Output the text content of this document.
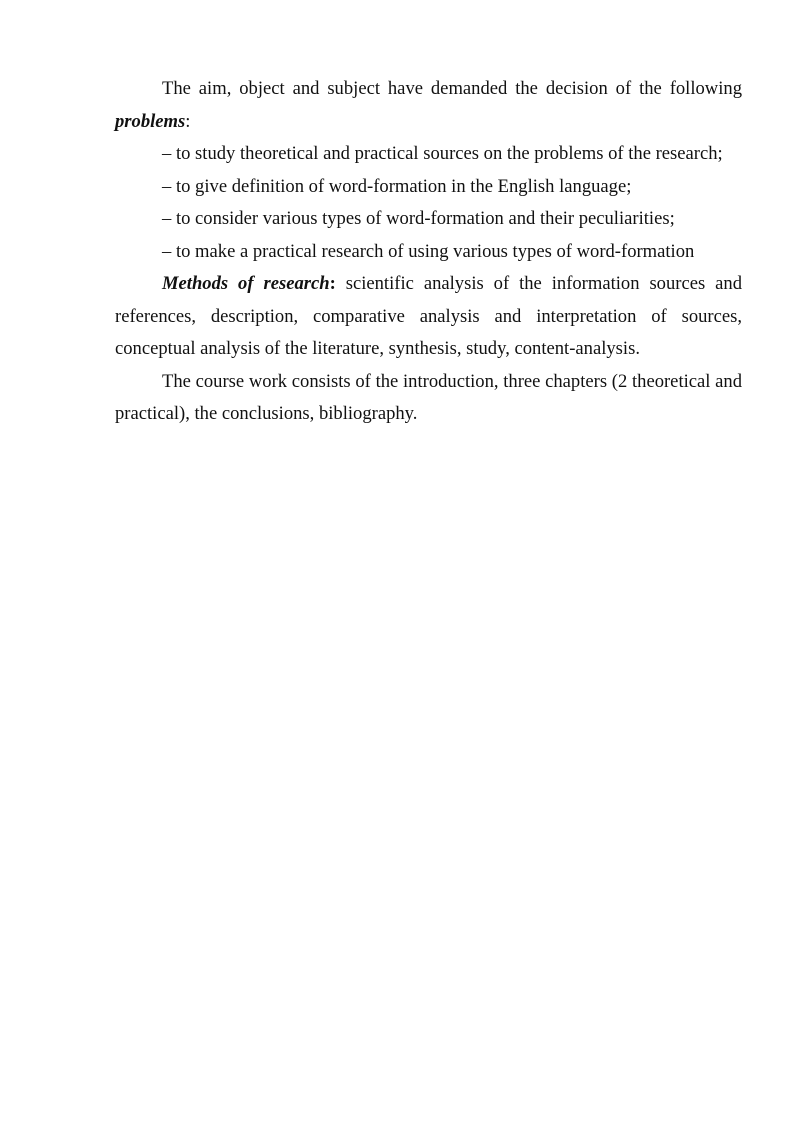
The aim, object and subject have demanded the decision of the following

problems:

– to study theoretical and practical sources on the problems of the research;

– to give definition of word-formation in the English language;

– to consider various types of word-formation and their peculiarities;

– to make a practical research of using various types of word-formation

Methods of research: scientific analysis of the information sources and references, description, comparative analysis and interpretation of sources, conceptual analysis of the literature, synthesis, study, content-analysis.

The course work consists of the introduction, three chapters (2 theoretical and practical), the conclusions, bibliography.
